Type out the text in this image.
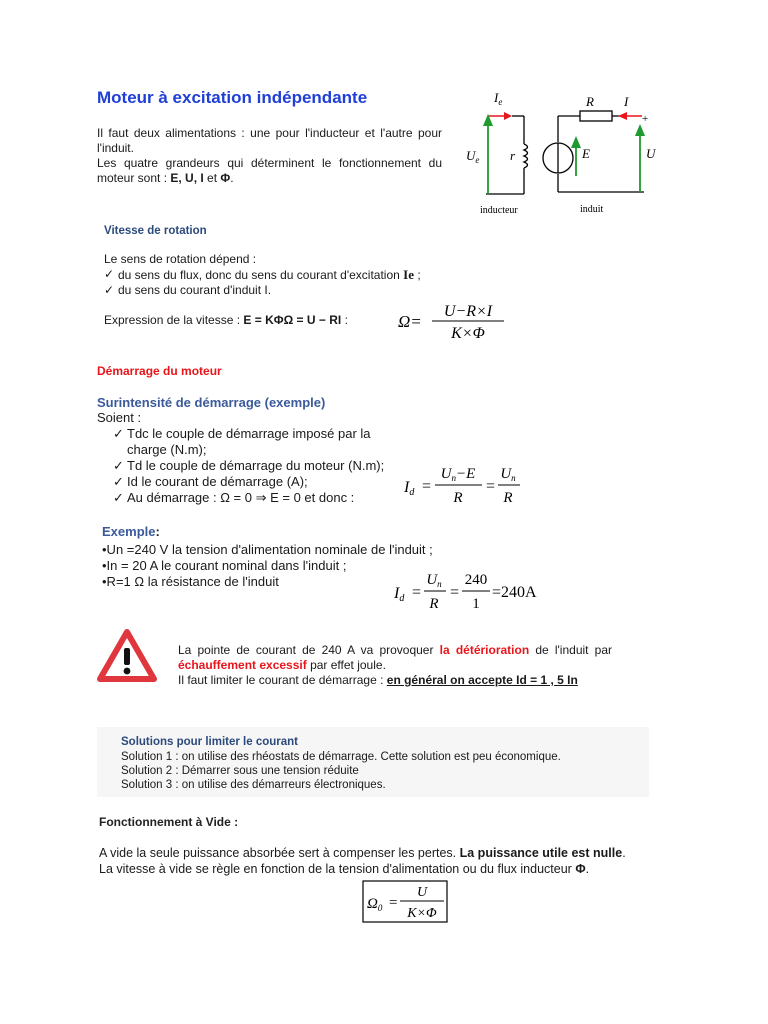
Moteur à excitation indépendante
Il faut deux alimentations : une pour l'inducteur et l'autre pour l'induit.
Les quatre grandeurs qui déterminent le fonctionnement du moteur sont : E, U, I et Φ.
$I_e$
$U_e$ r
R I
+
E	U
inducteur	induit
Vitesse de rotation
Le sens de rotation dépend :
✓ du sens du flux, donc du sens du courant d'excitation Ie ;
✓ du sens du courant d'induit I.
Expression de la vitesse : E = KΦΩ = U − RI :	Ω=
U−R×I
K×Φ
Démarrage du moteur
Surintensité de démarrage (exemple)
Soient :
✓ Tdc le couple de démarrage imposé par la charge (N.m);
✓ Td le couple de démarrage du moteur (N.m);
✓ Id le courant de démarrage (A);
✓ Au démarrage : Ω = 0 ⇒ E = 0 et donc :
Id =
$U_n-E$
R
=
$U_n$
R
Exemple:
•Un =240 V la tension d'alimentation nominale de l'induit ;
•In = 20 A le courant nominal dans l'induit ;
•R=1 Ω la résistance de l'induit
Id =
$U_n$
R
=
240
1
=240A
La pointe de courant de 240 A va provoquer la détérioration de l'induit par échauffement excessif par effet joule.
Il faut limiter le courant de démarrage : en général on accepte Id = 1 , 5 In
Solutions pour limiter le courant
Solution 1 : on utilise des rhéostats de démarrage. Cette solution est peu économique.
Solution 2 : Démarrer sous une tension réduite
Solution 3 : on utilise des démarreurs électroniques.
Fonctionnement à Vide :
A vide la seule puissance absorbée sert à compenser les pertes. La puissance utile est nulle.
La vitesse à vide se règle en fonction de la tension d'alimentation ou du flux inducteur Φ.
$\Omega_0$ =
U
K×Φ
